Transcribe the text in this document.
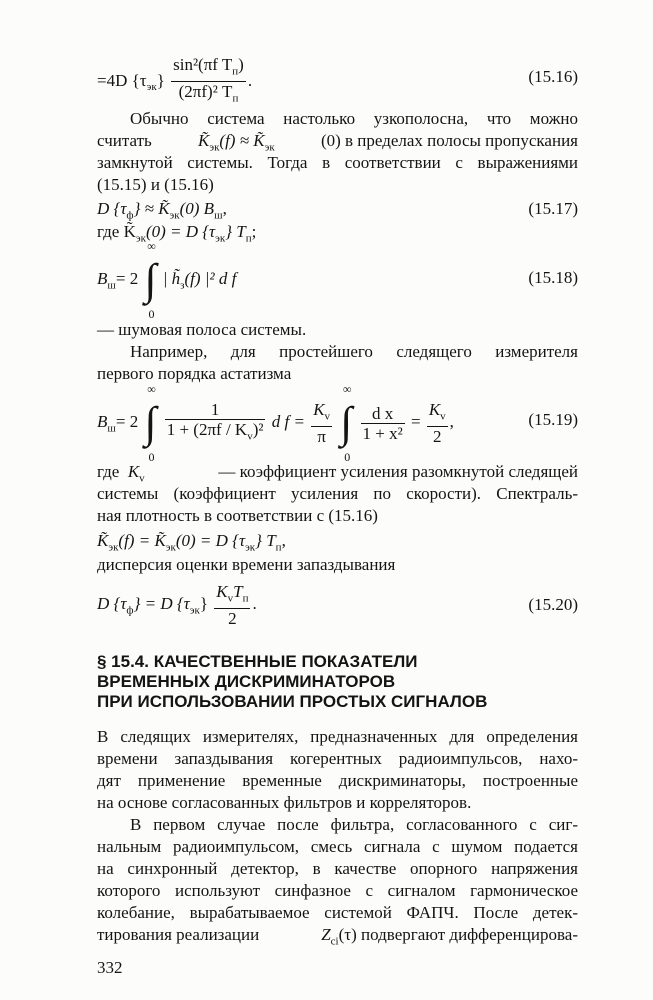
=4D $\{\tau_{эк}\} \frac{\sin^2(\pi f T_п)}{(2\pi f)^2 T_п}$ .	(15.16)
Обычно система настолько узкополосна, что можно
считать	$K̃_{эк}(f)$ ≈ $K̃_{эк}$	(0) в пределах полосы пропускания
замкнутой системы. Тогда в соответствии с выражениями
(15.15) и (15.16)
D $\{\tau_ф\}$ ≈ $K̃_{эк}(0)$ $B_ш$,	(15.17)
где $K̃_{эк}(0) = D$ $\{\tau_{эк}\}$ $T_п$;
$B_ш= 2$
∞
∫
0
| $h̃_з(f)$ |² d f	(15.18)
— шумовая полоса системы.
Например, для простейшего следящего измерителя
первого порядка астатизма
$B_ш= 2$
∞
∫
0

$\frac{1}{1 + (2\pi f / K_v)^2}$ d $f = \frac{K_v}{\pi}$

∞
∫
0

$\frac{\text{d x}}{\text{1 + x²}} = \frac{K_v}{2}$ ,	(15.19)
где $K_v$	— коэффициент усиления разомкнутой следящей
системы (коэффициент усиления по скорости). Спектраль-
ная плотность в соответствии с (15.16)
$K̃_{эк}(f)$ = $K̃_{эк}(0) = D$ $\{\tau_{эк}\}$ $T_п$,
дисперсия оценки времени запаздывания
D $\{\tau_ф\} = D$ $\{\tau_{эк}\} \frac{K_vT_п}{2}$ .	(15.20)
§ 15.4. КАЧЕСТВЕННЫЕ ПОКАЗАТЕЛИ
ВРЕМЕННЫХ ДИСКРИМИНАТОРОВ
ПРИ ИСПОЛЬЗОВАНИИ ПРОСТЫХ СИГНАЛОВ
В следящих измерителях, предназначенных для определения
времени запаздывания когерентных радиоимпульсов, нахо-
дят применение временные дискриминаторы, построенные
на основе согласованных фильтров и корреляторов.
В первом случае после фильтра, согласованного с сиг-
нальным радиоимпульсом, смесь сигнала с шумом подается
на синхронный детектор, в качестве опорного напряжения
которого используют синфазное с сигналом гармоническое
колебание, вырабатываемое системой ФАПЧ. После детек-
тирования реализации	$Z_{ci}(\tau)$ подвергают дифференцирова-
332
